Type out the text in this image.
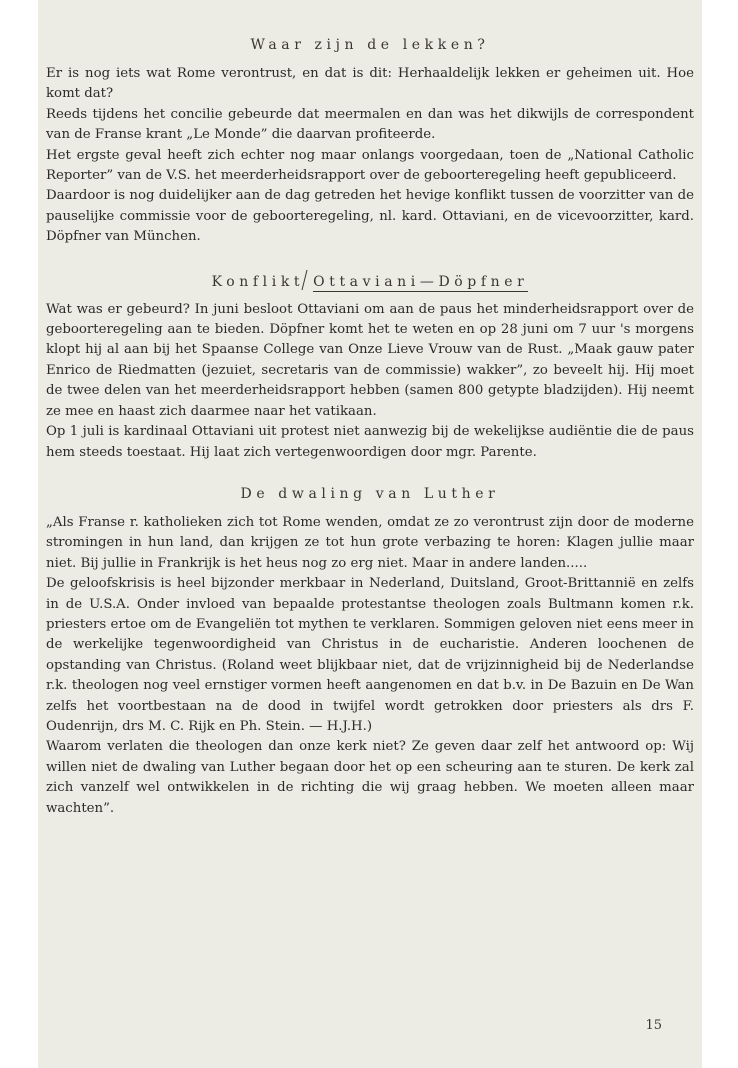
Waar zijn de lekken?

Er is nog iets wat Rome verontrust, en dat is dit: Herhaaldelijk lekken er geheimen uit. Hoe komt dat?

Reeds tijdens het concilie gebeurde dat meermalen en dan was het dikwijls de correspondent van de Franse krant „Le Monde” die daarvan profiteerde.

Het ergste geval heeft zich echter nog maar onlangs voorgedaan, toen de „National Catholic Reporter” van de V.S. het meerderheidsrapport over de geboorteregeling heeft gepubliceerd.

Daardoor is nog duidelijker aan de dag getreden het hevige konflikt tussen de voorzitter van de pauselijke commissie voor de geboorteregeling, nl. kard. Ottaviani, en de vicevoorzitter, kard. Döpfner van München.

Konflikt Ottaviani—Döpfner

Wat was er gebeurd? In juni besloot Ottaviani om aan de paus het minderheidsrapport over de geboorteregeling aan te bieden. Döpfner komt het te weten en op 28 juni om 7 uur 's morgens klopt hij al aan bij het Spaanse College van Onze Lieve Vrouw van de Rust. „Maak gauw pater Enrico de Riedmatten (jezuiet, secretaris van de commissie) wakker”, zo beveelt hij. Hij moet de twee delen van het meerderheidsrapport hebben (samen 800 getypte bladzijden). Hij neemt ze mee en haast zich daarmee naar het vatikaan.

Op 1 juli is kardinaal Ottaviani uit protest niet aanwezig bij de wekelijkse audiëntie die de paus hem steeds toestaat. Hij laat zich vertegenwoordigen door mgr. Parente.

De dwaling van Luther

„Als Franse r. katholieken zich tot Rome wenden, omdat ze zo verontrust zijn door de moderne stromingen in hun land, dan krijgen ze tot hun grote verbazing te horen: Klagen jullie maar niet. Bij jullie in Frankrijk is het heus nog zo erg niet. Maar in andere landen.....

De geloofskrisis is heel bijzonder merkbaar in Nederland, Duitsland, Groot-Brittannië en zelfs in de U.S.A. Onder invloed van bepaalde protestantse theologen zoals Bultmann komen r.k. priesters ertoe om de Evangeliën tot mythen te verklaren. Sommigen geloven niet eens meer in de werkelijke tegenwoordigheid van Christus in de eucharistie. Anderen loochenen de opstanding van Christus. (Roland weet blijkbaar niet, dat de vrijzinnigheid bij de Nederlandse r.k. theologen nog veel ernstiger vormen heeft aangenomen en dat b.v. in De Bazuin en De Wan zelfs het voortbestaan na de dood in twijfel wordt getrokken door priesters als drs F. Oudenrijn, drs M. C. Rijk en Ph. Stein. — H.J.H.)

Waarom verlaten die theologen dan onze kerk niet? Ze geven daar zelf het antwoord op: Wij willen niet de dwaling van Luther begaan door het op een scheuring aan te sturen. De kerk zal zich vanzelf wel ontwikkelen in de richting die wij graag hebben. We moeten alleen maar wachten”.

15
